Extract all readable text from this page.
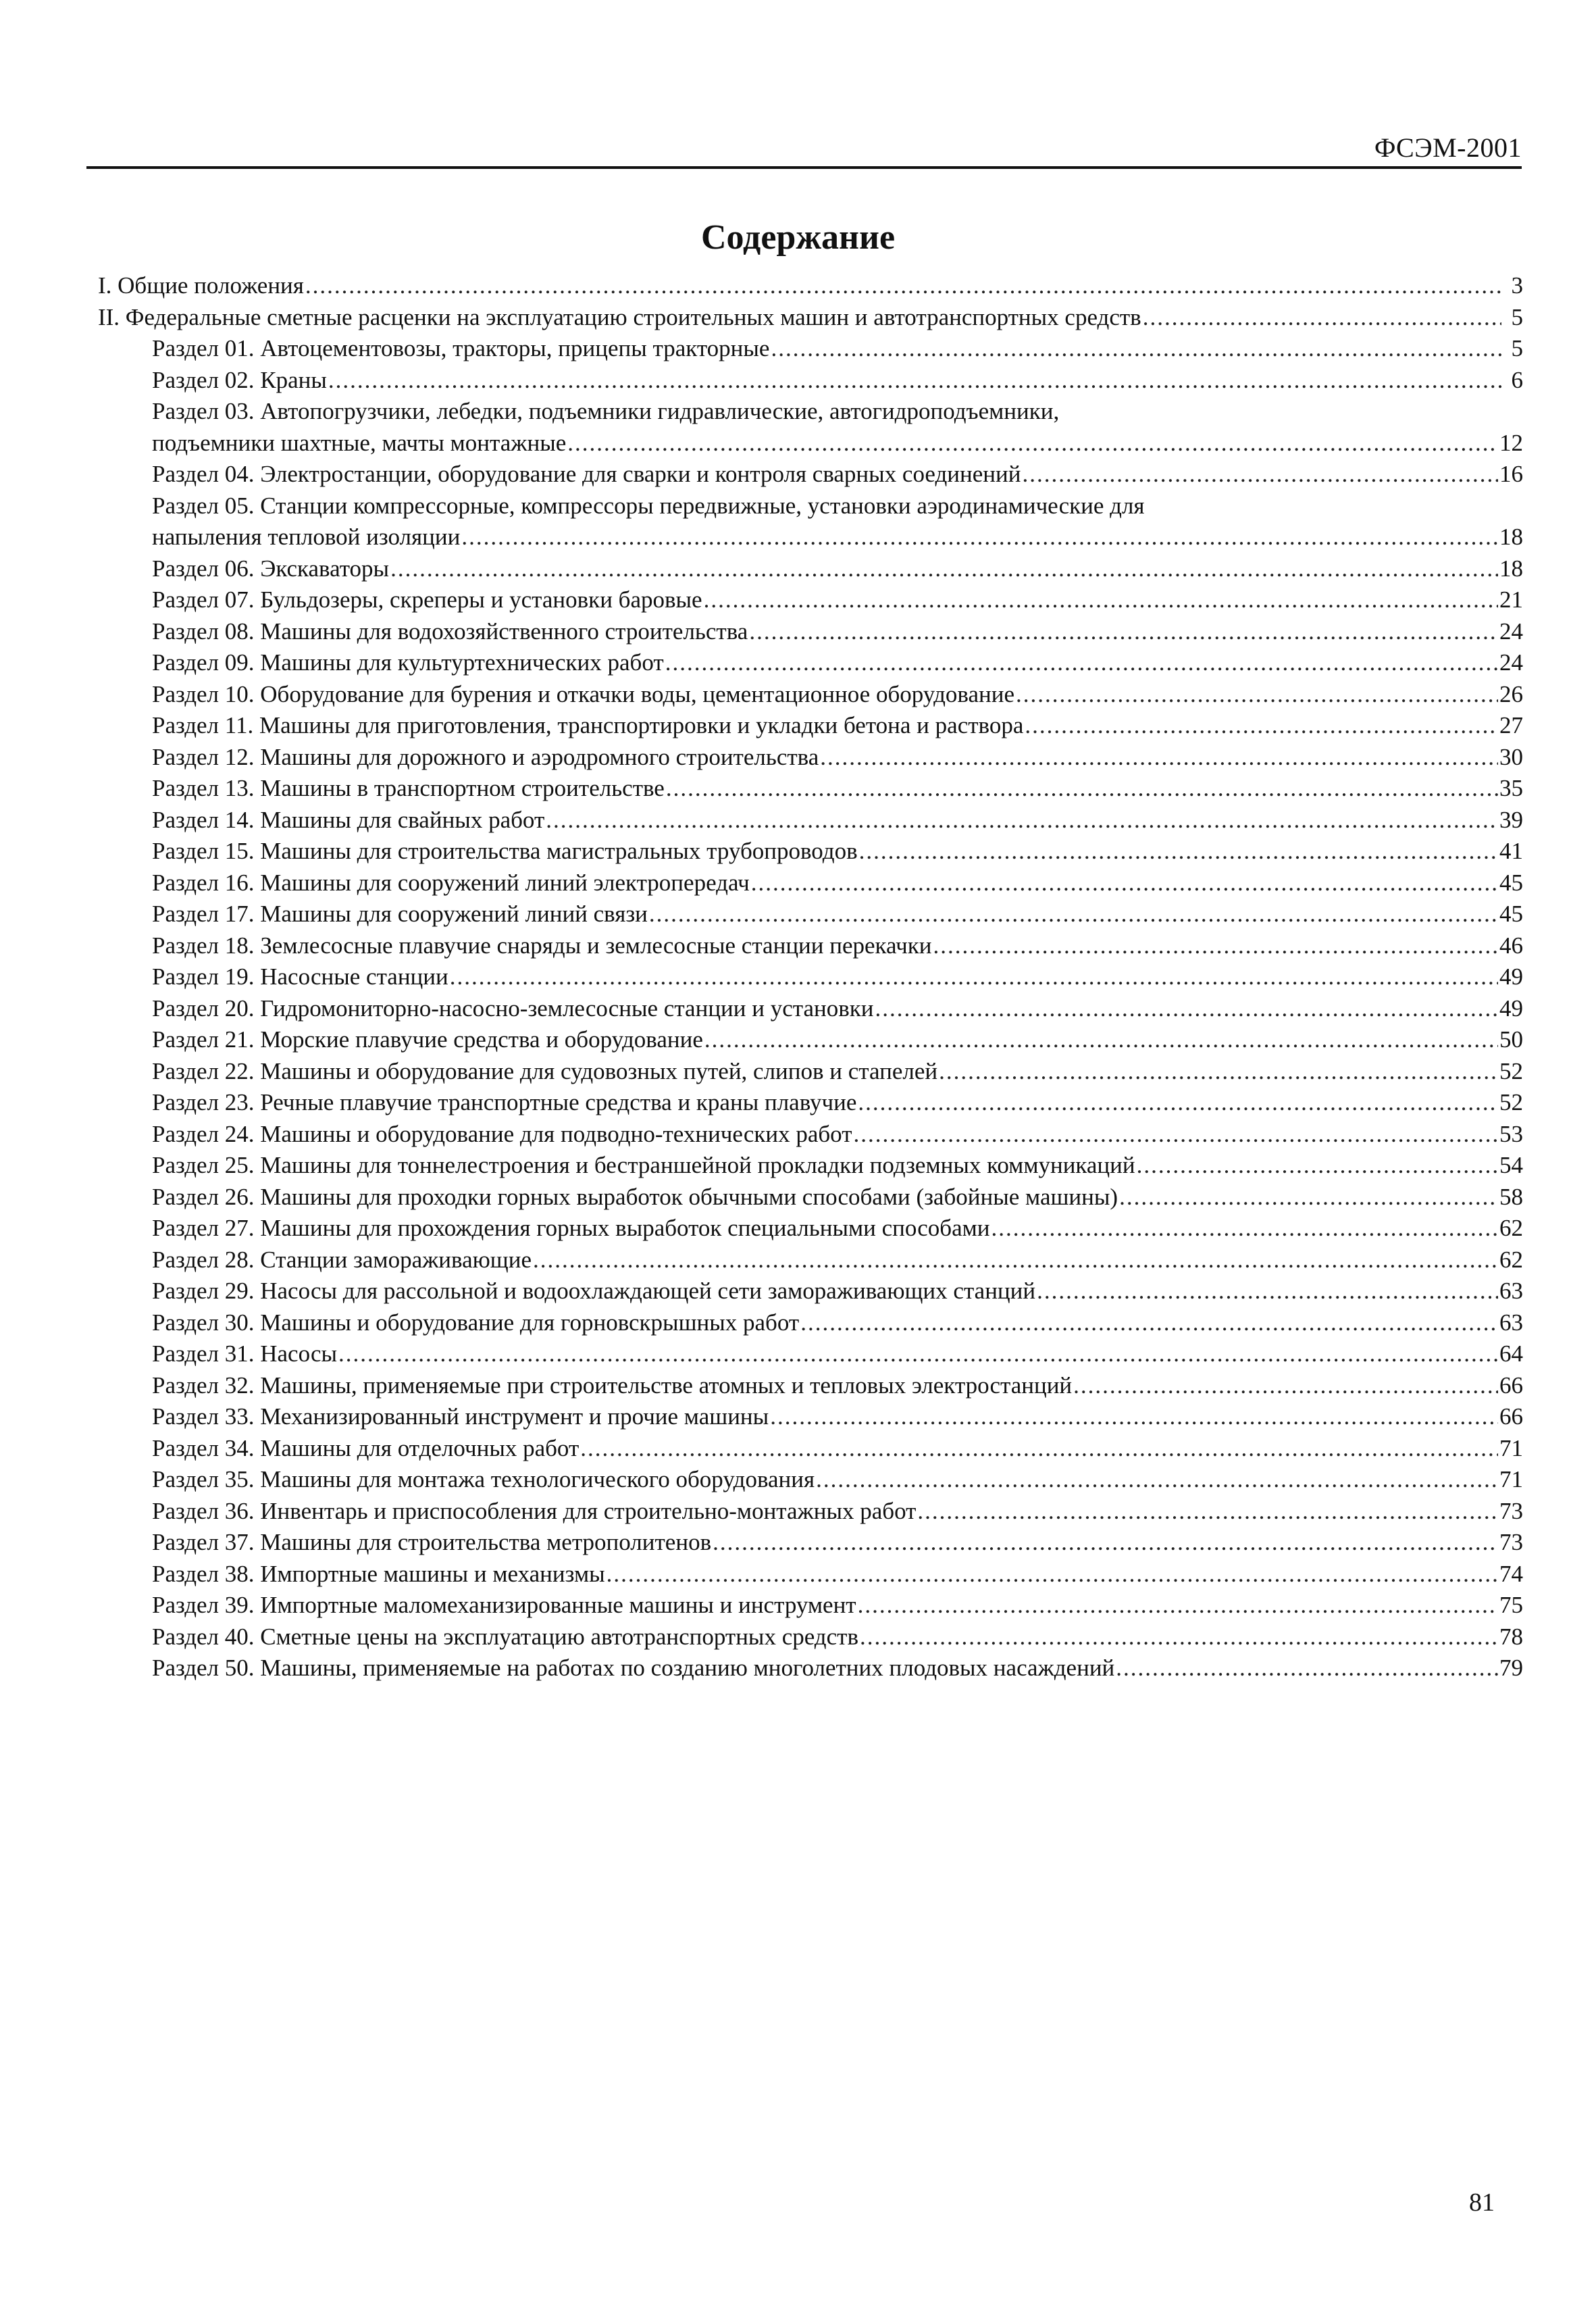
ФСЭМ-2001
Содержание
I. Общие положения .....	3
II. Федеральные сметные расценки на эксплуатацию строительных машин и автотранспортных средств .....	5
Раздел 01. Автоцементовозы, тракторы, прицепы тракторные .....	5
Раздел 02. Краны .....	6
Раздел 03. Автопогрузчики, лебедки, подъемники гидравлические, автогидроподъемники,
подъемники шахтные, мачты монтажные .....	12
Раздел 04. Электростанции, оборудование для сварки и контроля сварных соединений .....	16
Раздел 05. Станции компрессорные, компрессоры передвижные, установки аэродинамические для
напыления тепловой изоляции .....	18
Раздел 06. Экскаваторы .....	18
Раздел 07. Бульдозеры, скреперы и установки баровые .....	21
Раздел 08. Машины для водохозяйственного строительства .....	24
Раздел 09. Машины для культуртехнических работ .....	24
Раздел 10. Оборудование для бурения и откачки воды, цементационное оборудование .....	26
Раздел 11. Машины для приготовления, транспортировки и укладки бетона и раствора .....	27
Раздел 12. Машины для дорожного и аэродромного строительства .....	30
Раздел 13. Машины в транспортном строительстве .....	35
Раздел 14. Машины для свайных работ .....	39
Раздел 15. Машины для строительства магистральных трубопроводов .....	41
Раздел 16. Машины для сооружений линий электропередач .....	45
Раздел 17. Машины для сооружений линий связи .....	45
Раздел 18. Землесосные плавучие снаряды и землесосные станции перекачки .....	46
Раздел 19. Насосные станции .....	49
Раздел 20. Гидромониторно-насосно-землесосные станции и установки .....	49
Раздел 21. Морские плавучие средства и оборудование .....	50
Раздел 22. Машины и оборудование для судовозных путей, слипов и стапелей .....	52
Раздел 23. Речные плавучие транспортные средства и краны плавучие .....	52
Раздел 24. Машины и оборудование для подводно-технических работ .....	53
Раздел 25. Машины для тоннелестроения и бестраншейной прокладки подземных коммуникаций .....	54
Раздел 26. Машины для проходки горных выработок обычными способами (забойные машины) .....	58
Раздел 27. Машины для прохождения горных выработок специальными способами .....	62
Раздел 28. Станции замораживающие .....	62
Раздел 29. Насосы для рассольной и водоохлаждающей сети замораживающих станций .....	63
Раздел 30. Машины и оборудование для горновскрышных работ .....	63
Раздел 31. Насосы .....	64
Раздел 32. Машины, применяемые при строительстве атомных и тепловых электростанций .....	66
Раздел 33. Механизированный инструмент и прочие машины .....	66
Раздел 34. Машины для отделочных работ .....	71
Раздел 35. Машины для монтажа технологического оборудования .....	71
Раздел 36. Инвентарь и приспособления для строительно-монтажных работ .....	73
Раздел 37. Машины для строительства метрополитенов .....	73
Раздел 38. Импортные машины и механизмы .....	74
Раздел 39. Импортные маломеханизированные машины и инструмент .....	75
Раздел 40. Сметные цены на эксплуатацию автотранспортных средств .....	78
Раздел 50. Машины, применяемые на работах по созданию многолетних плодовых насаждений .....	79
81
